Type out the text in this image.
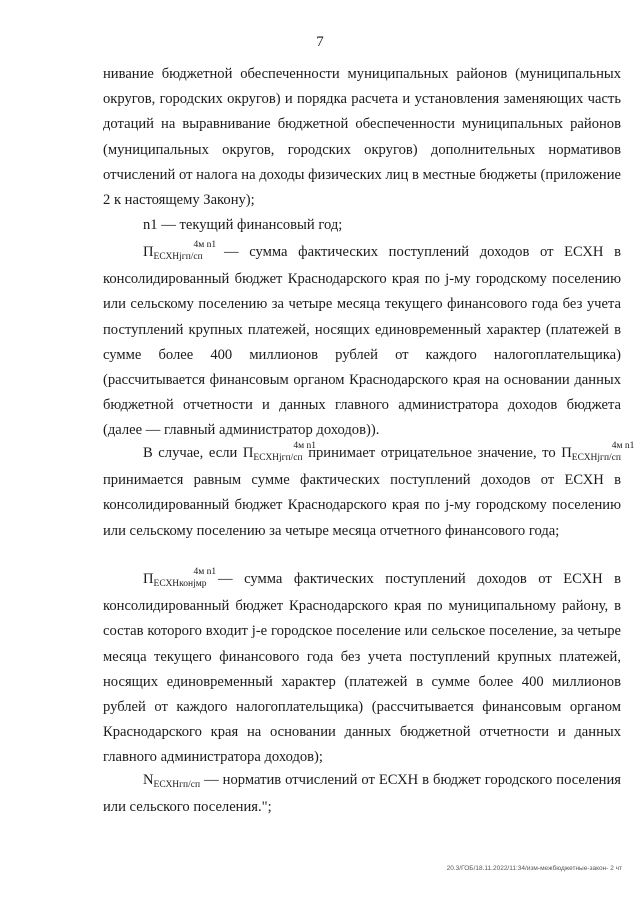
7

нивание бюджетной обеспеченности муниципальных районов (муниципальных округов, городских округов) и порядка расчета и установления заменяющих часть дотаций на выравнивание бюджетной обеспеченности муниципальных районов (муниципальных округов, городских округов) дополнительных нормативов отчислений от налога на доходы физических лиц в местные бюджеты (приложение 2 к настоящему Закону);

n1 — текущий финансовый год;

П	4м $n1_{ЕСХНjгп/сп}$ — сумма фактических поступлений доходов от ЕСХН в консолидированный бюджет Краснодарского края по j-му городскому поселению или сельскому поселению за четыре месяца текущего финансового года без учета поступлений крупных платежей, носящих единовременный характер (платежей в сумме более 400 миллионов рублей от каждого налогоплательщика) (рассчитывается финансовым органом Краснодарского края на основании данных бюджетной отчетности и данных главного администратора доходов бюджета (далее — главный администратор доходов)).

В случае, если П	4м $n1_{ЕСХНjгп/сп}$ принимает отрицательное значение, то П	4м $n1_{ЕСХНjгп/сп}$ принимается равным сумме фактических поступлений доходов от ЕСХН в консолидированный бюджет Краснодарского края по j-му городскому поселению или сельскому поселению за четыре месяца отчетного финансового года;

П	4м $n1_{ЕСХНконjмр}$ — сумма фактических поступлений доходов от ЕСХН в консолидированный бюджет Краснодарского края по муниципальному району, в состав которого входит j-е городское поселение или сельское поселение, за четыре месяца текущего финансового года без учета поступлений крупных платежей, носящих единовременный характер (платежей в сумме более 400 миллионов рублей от каждого налогоплательщика) (рассчитывается финансовым органом Краснодарского края на основании данных бюджетной отчетности и данных главного администратора доходов);

$N_{ЕСХНгп/сп}$ — норматив отчислений от ЕСХН в бюджет городского поселения или сельского поселения.";

20.3/ГОБ/18.11.2022/11:34/изм-межбюджетные-закон- 2 чт
